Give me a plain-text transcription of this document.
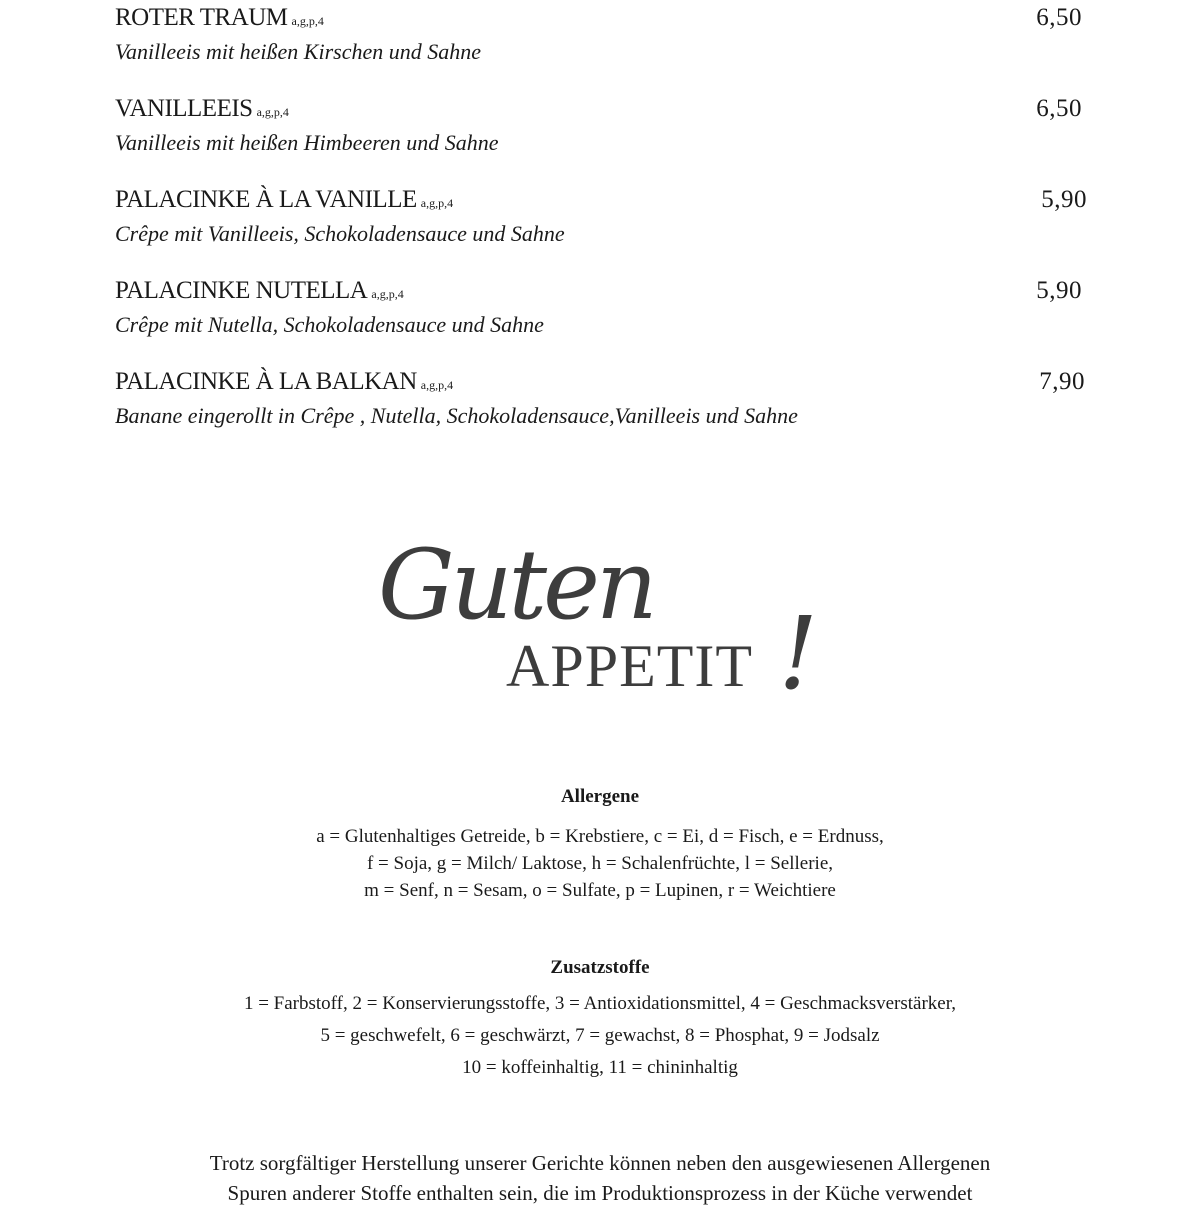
ROTER TRAUM a,g,p,4
Vanilleeis mit heißen Kirschen und Sahne
6,50
VANILLEEIS a,g,p,4
Vanilleeis mit heißen Himbeeren und Sahne
6,50
PALACINKE À LA VANILLE a,g,p,4
Crêpe mit Vanilleeis, Schokoladensauce und Sahne
5,90
PALACINKE NUTELLA a,g,p,4
Crêpe mit Nutella, Schokoladensauce und Sahne
5,90
PALACINKE À LA BALKAN a,g,p,4
Banane eingerollt in Crêpe , Nutella, Schokoladensauce,Vanilleeis und Sahne
7,90
Guten
APPETIT !
Allergene
a = Glutenhaltiges Getreide, b = Krebstiere, c = Ei, d = Fisch, e = Erdnuss,
f = Soja, g = Milch/ Laktose, h = Schalenfrüchte, l = Sellerie,
m = Senf, n = Sesam, o = Sulfate, p = Lupinen, r = Weichtiere
Zusatzstoffe
1 = Farbstoff, 2 = Konservierungsstoffe, 3 = Antioxidationsmittel, 4 = Geschmacksverstärker,
5 = geschwefelt, 6 = geschwärzt, 7 = gewachst, 8 = Phosphat, 9 = Jodsalz
10 = koffeinhaltig, 11 = chininhaltig
Trotz sorgfältiger Herstellung unserer Gerichte können neben den ausgewiesenen Allergenen
Spuren anderer Stoffe enthalten sein, die im Produktionsprozess in der Küche verwendet
